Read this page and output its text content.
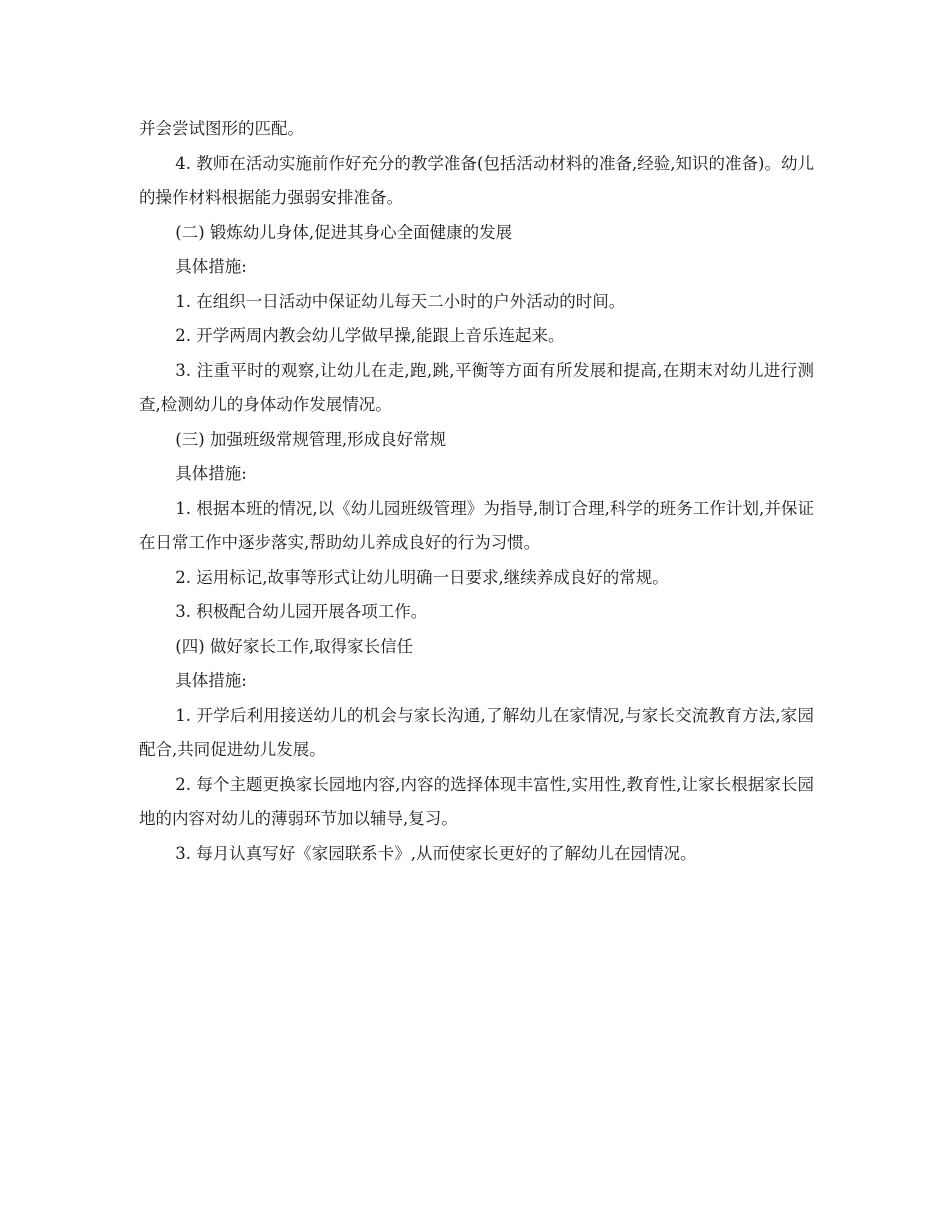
并会尝试图形的匹配。

4. 教师在活动实施前作好充分的教学准备(包括活动材料的准备,经验,知识的准备)。幼儿的操作材料根据能力强弱安排准备。

(二) 锻炼幼儿身体,促进其身心全面健康的发展

具体措施:

1. 在组织一日活动中保证幼儿每天二小时的户外活动的时间。

2. 开学两周内教会幼儿学做早操,能跟上音乐连起来。

3. 注重平时的观察,让幼儿在走,跑,跳,平衡等方面有所发展和提高,在期末对幼儿进行测查,检测幼儿的身体动作发展情况。

(三) 加强班级常规管理,形成良好常规

具体措施:

1. 根据本班的情况,以《幼儿园班级管理》为指导,制订合理,科学的班务工作计划,并保证在日常工作中逐步落实,帮助幼儿养成良好的行为习惯。

2. 运用标记,故事等形式让幼儿明确一日要求,继续养成良好的常规。

3. 积极配合幼儿园开展各项工作。

(四) 做好家长工作,取得家长信任

具体措施:

1. 开学后利用接送幼儿的机会与家长沟通,了解幼儿在家情况,与家长交流教育方法,家园配合,共同促进幼儿发展。

2. 每个主题更换家长园地内容,内容的选择体现丰富性,实用性,教育性,让家长根据家长园地的内容对幼儿的薄弱环节加以辅导,复习。

3. 每月认真写好《家园联系卡》,从而使家长更好的了解幼儿在园情况。
